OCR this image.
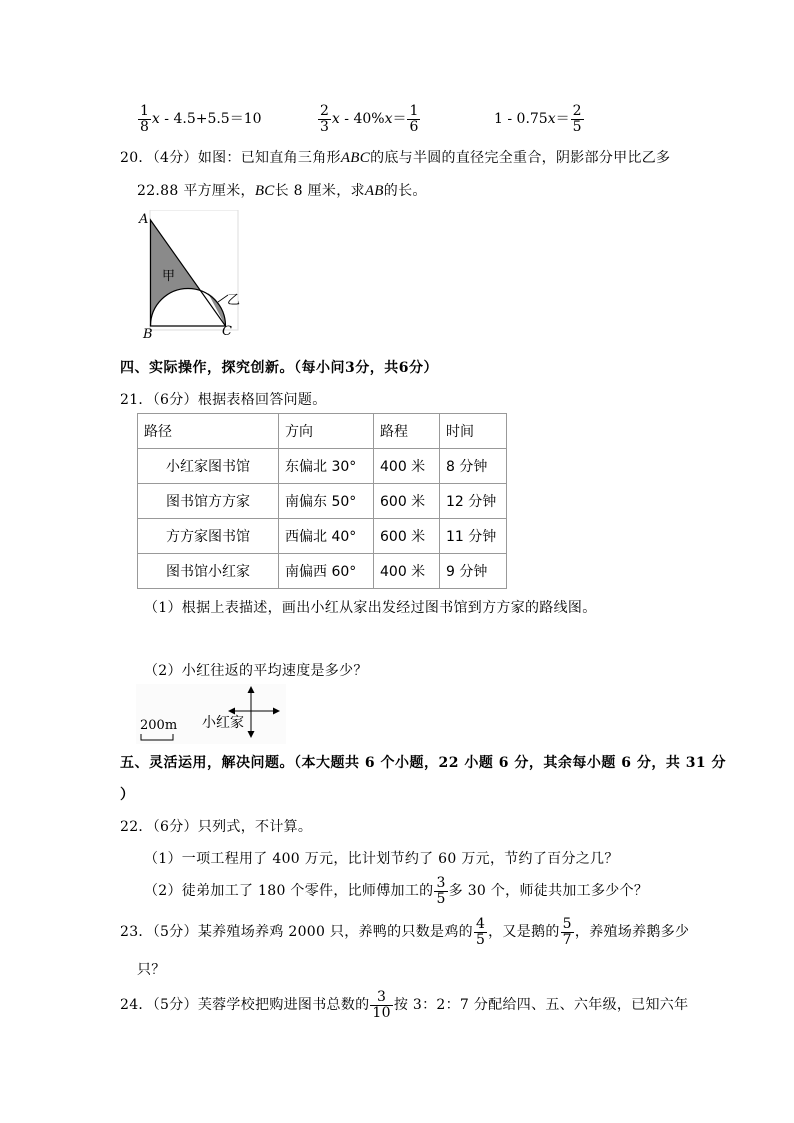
$\frac{1}{8}$ x - 4.5+5.5＝10	$\frac{2}{3}$ $x - 40\%x= \frac{1}{6}$	$1 - 0.75x= \frac{2}{5}$
20．（4分）如图：已知直角三角形ABC的底与半圆的直径完全重合，阴影部分甲比乙多
22.88 平方厘米，BC长 8 厘米，求AB的长。
A
甲
乙
B	C
四、实际操作，探究创新。（每小问3分，共6分）
21．（6分）根据表格回答问题。
路径	方向	路程	时间
小红家图书馆	东偏北 30°	400 米	8 分钟
图书馆方方家	南偏东 50°	600 米	12 分钟
方方家图书馆	西偏北 40°	600 米	11 分钟
图书馆小红家	南偏西 60°	400 米	9 分钟
（1）根据上表描述，画出小红从家出发经过图书馆到方方家的路线图。
（2）小红往返的平均速度是多少？
200m 小红家
五、灵活运用，解决问题。（本大题共 6 个小题，22 小题 6 分，其余每小题 6 分，共 31 分
）
22．（6分）只列式，不计算。
（1）一项工程用了 400 万元，比计划节约了 60 万元，节约了百分之几？
（2）徒弟加工了 180 个零件，比师傅加工的 $\frac{3}{5}$ 多 30 个，师徒共加工多少个？
23．（5分）某养殖场养鸡 2000 只，养鸭的只数是鸡的 $\frac{4}{5}$ ，又是鹅的 $\frac{5}{7}$ ，养殖场养鹅多少
只？
24．（5分）芙蓉学校把购进图书总数的 $\frac{3}{10}$ 按 3：2：7 分配给四、五、六年级，已知六年
